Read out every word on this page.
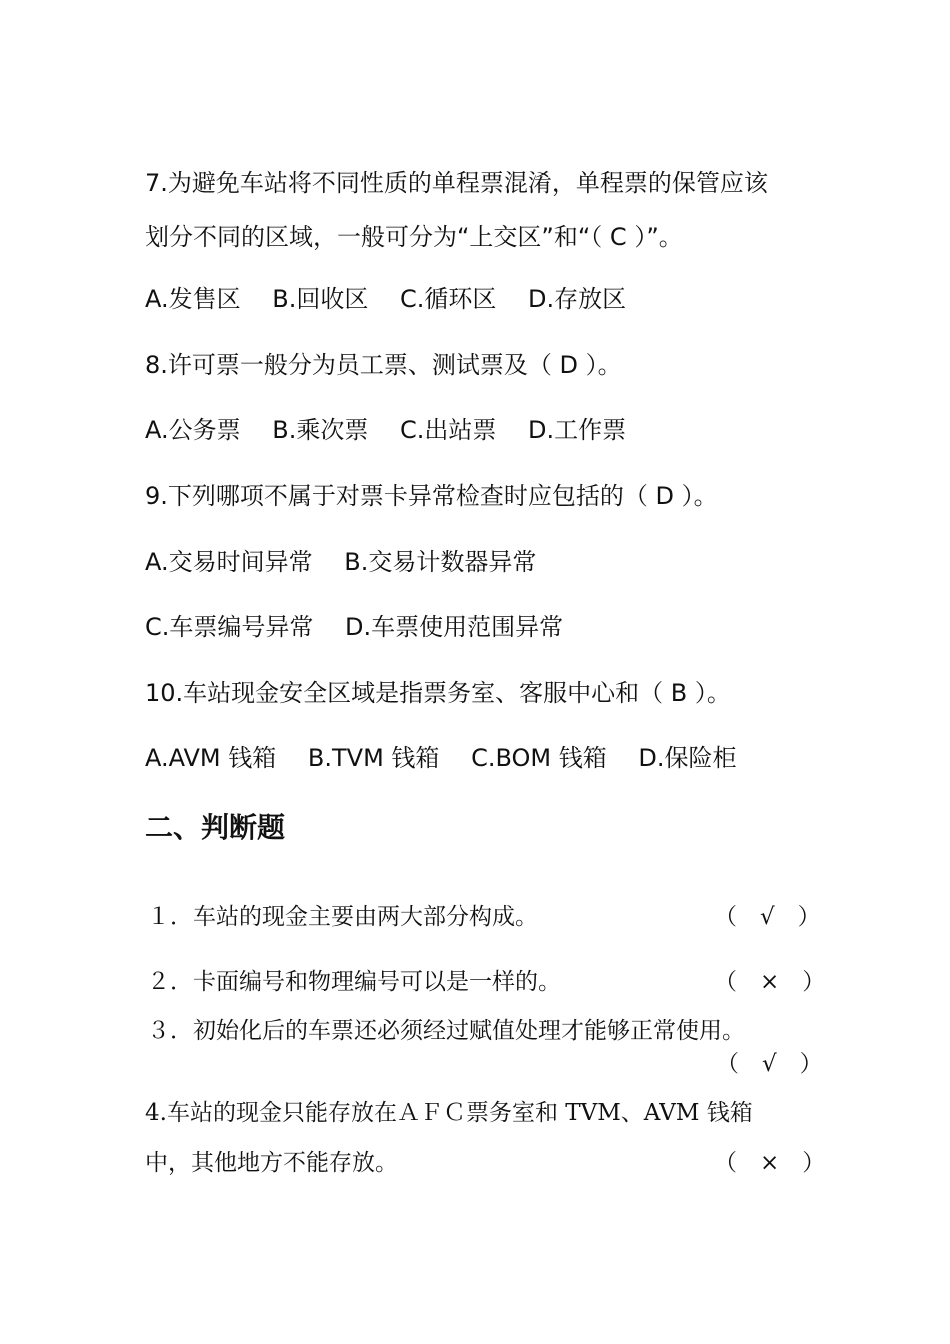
7.为避免车站将不同性质的单程票混淆，单程票的保管应该
划分不同的区域，一般可分为“上交区”和“（ C ）”。
A.发售区 B.回收区 C.循环区 D.存放区
8.许可票一般分为员工票、测试票及（ D ）。
A.公务票 B.乘次票 C.出站票 D.工作票
9.下列哪项不属于对票卡异常检查时应包括的（ D ）。
A.交易时间异常 B.交易计数器异常
C.车票编号异常 D.车票使用范围异常
10.车站现金安全区域是指票务室、客服中心和（ B ）。
A.AVM 钱箱 B.TVM 钱箱 C.BOM 钱箱 D.保险柜
二、判断题
１．车站的现金主要由两大部分构成。	（　√　）
２．卡面编号和物理编号可以是一样的。	（　×　）
３．初始化后的车票还必须经过赋值处理才能够正常使用。
（　√　）
4.车站的现金只能存放在ＡＦＣ票务室和 TVM、AVM 钱箱
中，其他地方不能存放。	（　×　）
